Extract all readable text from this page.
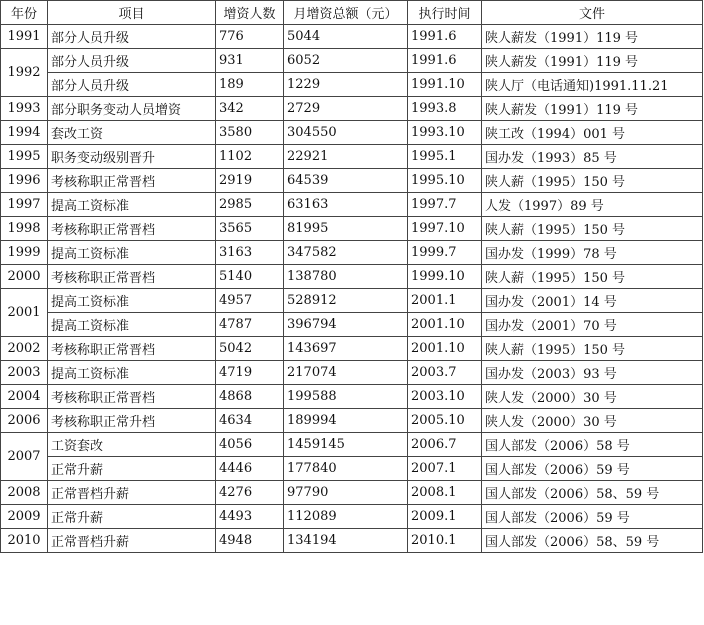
年份	项目	增资人数	月增资总额（元）	执行时间	文件
1991	部分人员升级	776	5044	1991.6	陕人薪发（1991）119 号
1992	部分人员升级	931	6052	1991.6	陕人薪发（1991）119 号
	部分人员升级	189	1229	1991.10	陕人厅（电话通知)1991.11.21
1993	部分职务变动人员增资	342	2729	1993.8	陕人薪发（1991）119 号
1994	套改工资	3580	304550	1993.10	陕工改（1994）001 号
1995	职务变动级别晋升	1102	22921	1995.1	国办发（1993）85 号
1996	考核称职正常晋档	2919	64539	1995.10	陕人薪（1995）150 号
1997	提高工资标准	2985	63163	1997.7	人发（1997）89 号
1998	考核称职正常晋档	3565	81995	1997.10	陕人薪（1995）150 号
1999	提高工资标准	3163	347582	1999.7	国办发（1999）78 号
2000	考核称职正常晋档	5140	138780	1999.10	陕人薪（1995）150 号
2001	提高工资标准	4957	528912	2001.1	国办发（2001）14 号
	提高工资标准	4787	396794	2001.10	国办发（2001）70 号
2002	考核称职正常晋档	5042	143697	2001.10	陕人薪（1995）150 号
2003	提高工资标准	4719	217074	2003.7	国办发（2003）93 号
2004	考核称职正常晋档	4868	199588	2003.10	陕人发（2000）30 号
2006	考核称职正常升档	4634	189994	2005.10	陕人发（2000）30 号
2007	工资套改	4056	1459145	2006.7	国人部发（2006）58 号
	正常升薪	4446	177840	2007.1	国人部发（2006）59 号
2008	正常晋档升薪	4276	97790	2008.1	国人部发（2006）58、59 号
2009	正常升薪	4493	112089	2009.1	国人部发（2006）59 号
2010	正常晋档升薪	4948	134194	2010.1	国人部发（2006）58、59 号
